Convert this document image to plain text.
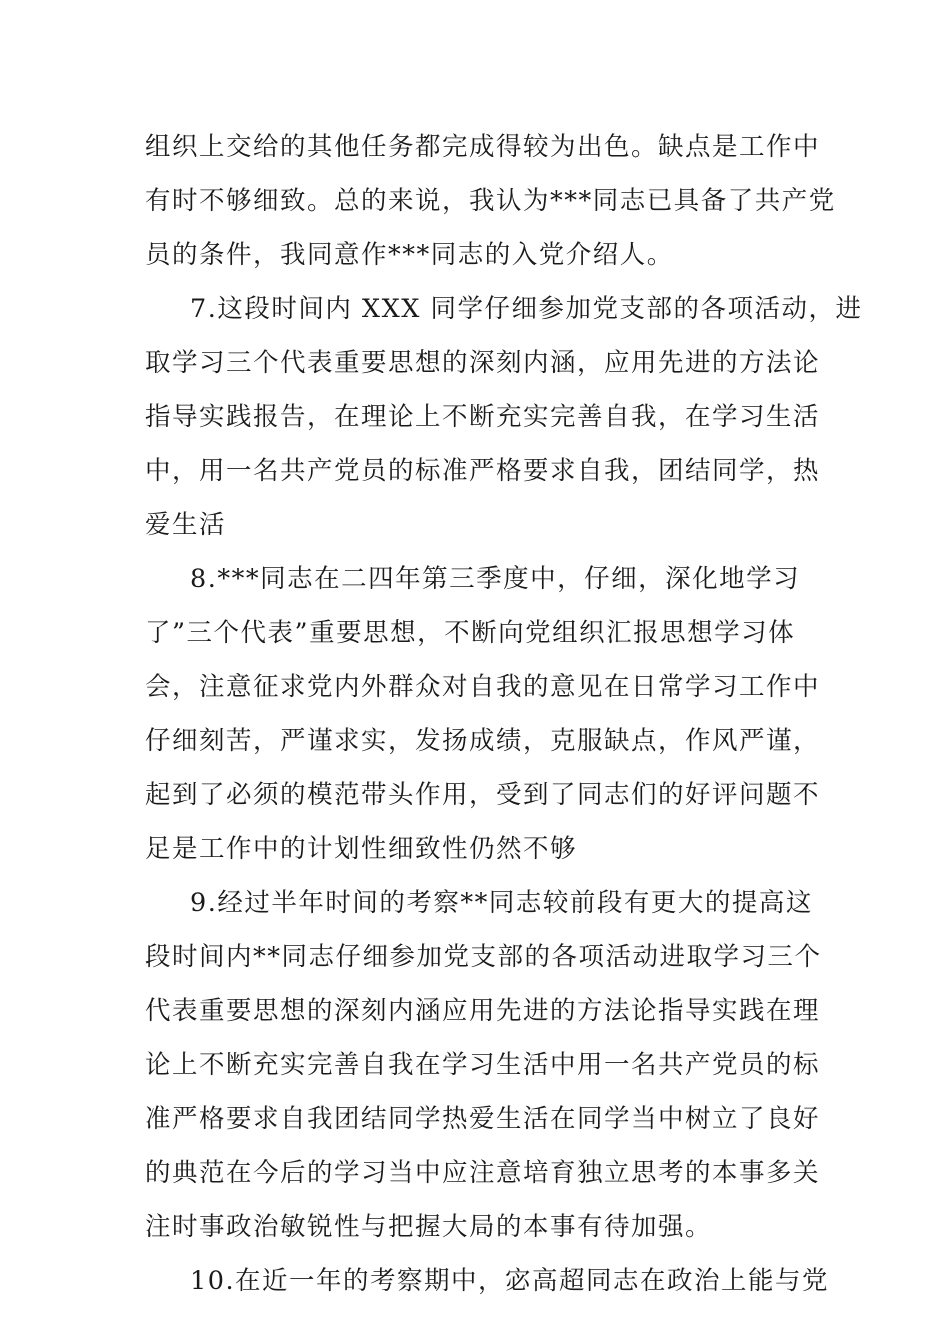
组织上交给的其他任务都完成得较为出色。缺点是工作中
有时不够细致。总的来说，我认为***同志已具备了共产党
员的条件，我同意作***同志的入党介绍人。
7.这段时间内 XXX 同学仔细参加党支部的各项活动，进
取学习三个代表重要思想的深刻内涵，应用先进的方法论
指导实践报告，在理论上不断充实完善自我，在学习生活
中，用一名共产党员的标准严格要求自我，团结同学，热
爱生活
8.***同志在二四年第三季度中，仔细，深化地学习
了”三个代表”重要思想，不断向党组织汇报思想学习体
会，注意征求党内外群众对自我的意见在日常学习工作中
仔细刻苦，严谨求实，发扬成绩，克服缺点，作风严谨，
起到了必须的模范带头作用，受到了同志们的好评问题不
足是工作中的计划性细致性仍然不够
9.经过半年时间的考察**同志较前段有更大的提高这
段时间内**同志仔细参加党支部的各项活动进取学习三个
代表重要思想的深刻内涵应用先进的方法论指导实践在理
论上不断充实完善自我在学习生活中用一名共产党员的标
准严格要求自我团结同学热爱生活在同学当中树立了良好
的典范在今后的学习当中应注意培育独立思考的本事多关
注时事政治敏锐性与把握大局的本事有待加强。
10.在近一年的考察期中，宓高超同志在政治上能与党
